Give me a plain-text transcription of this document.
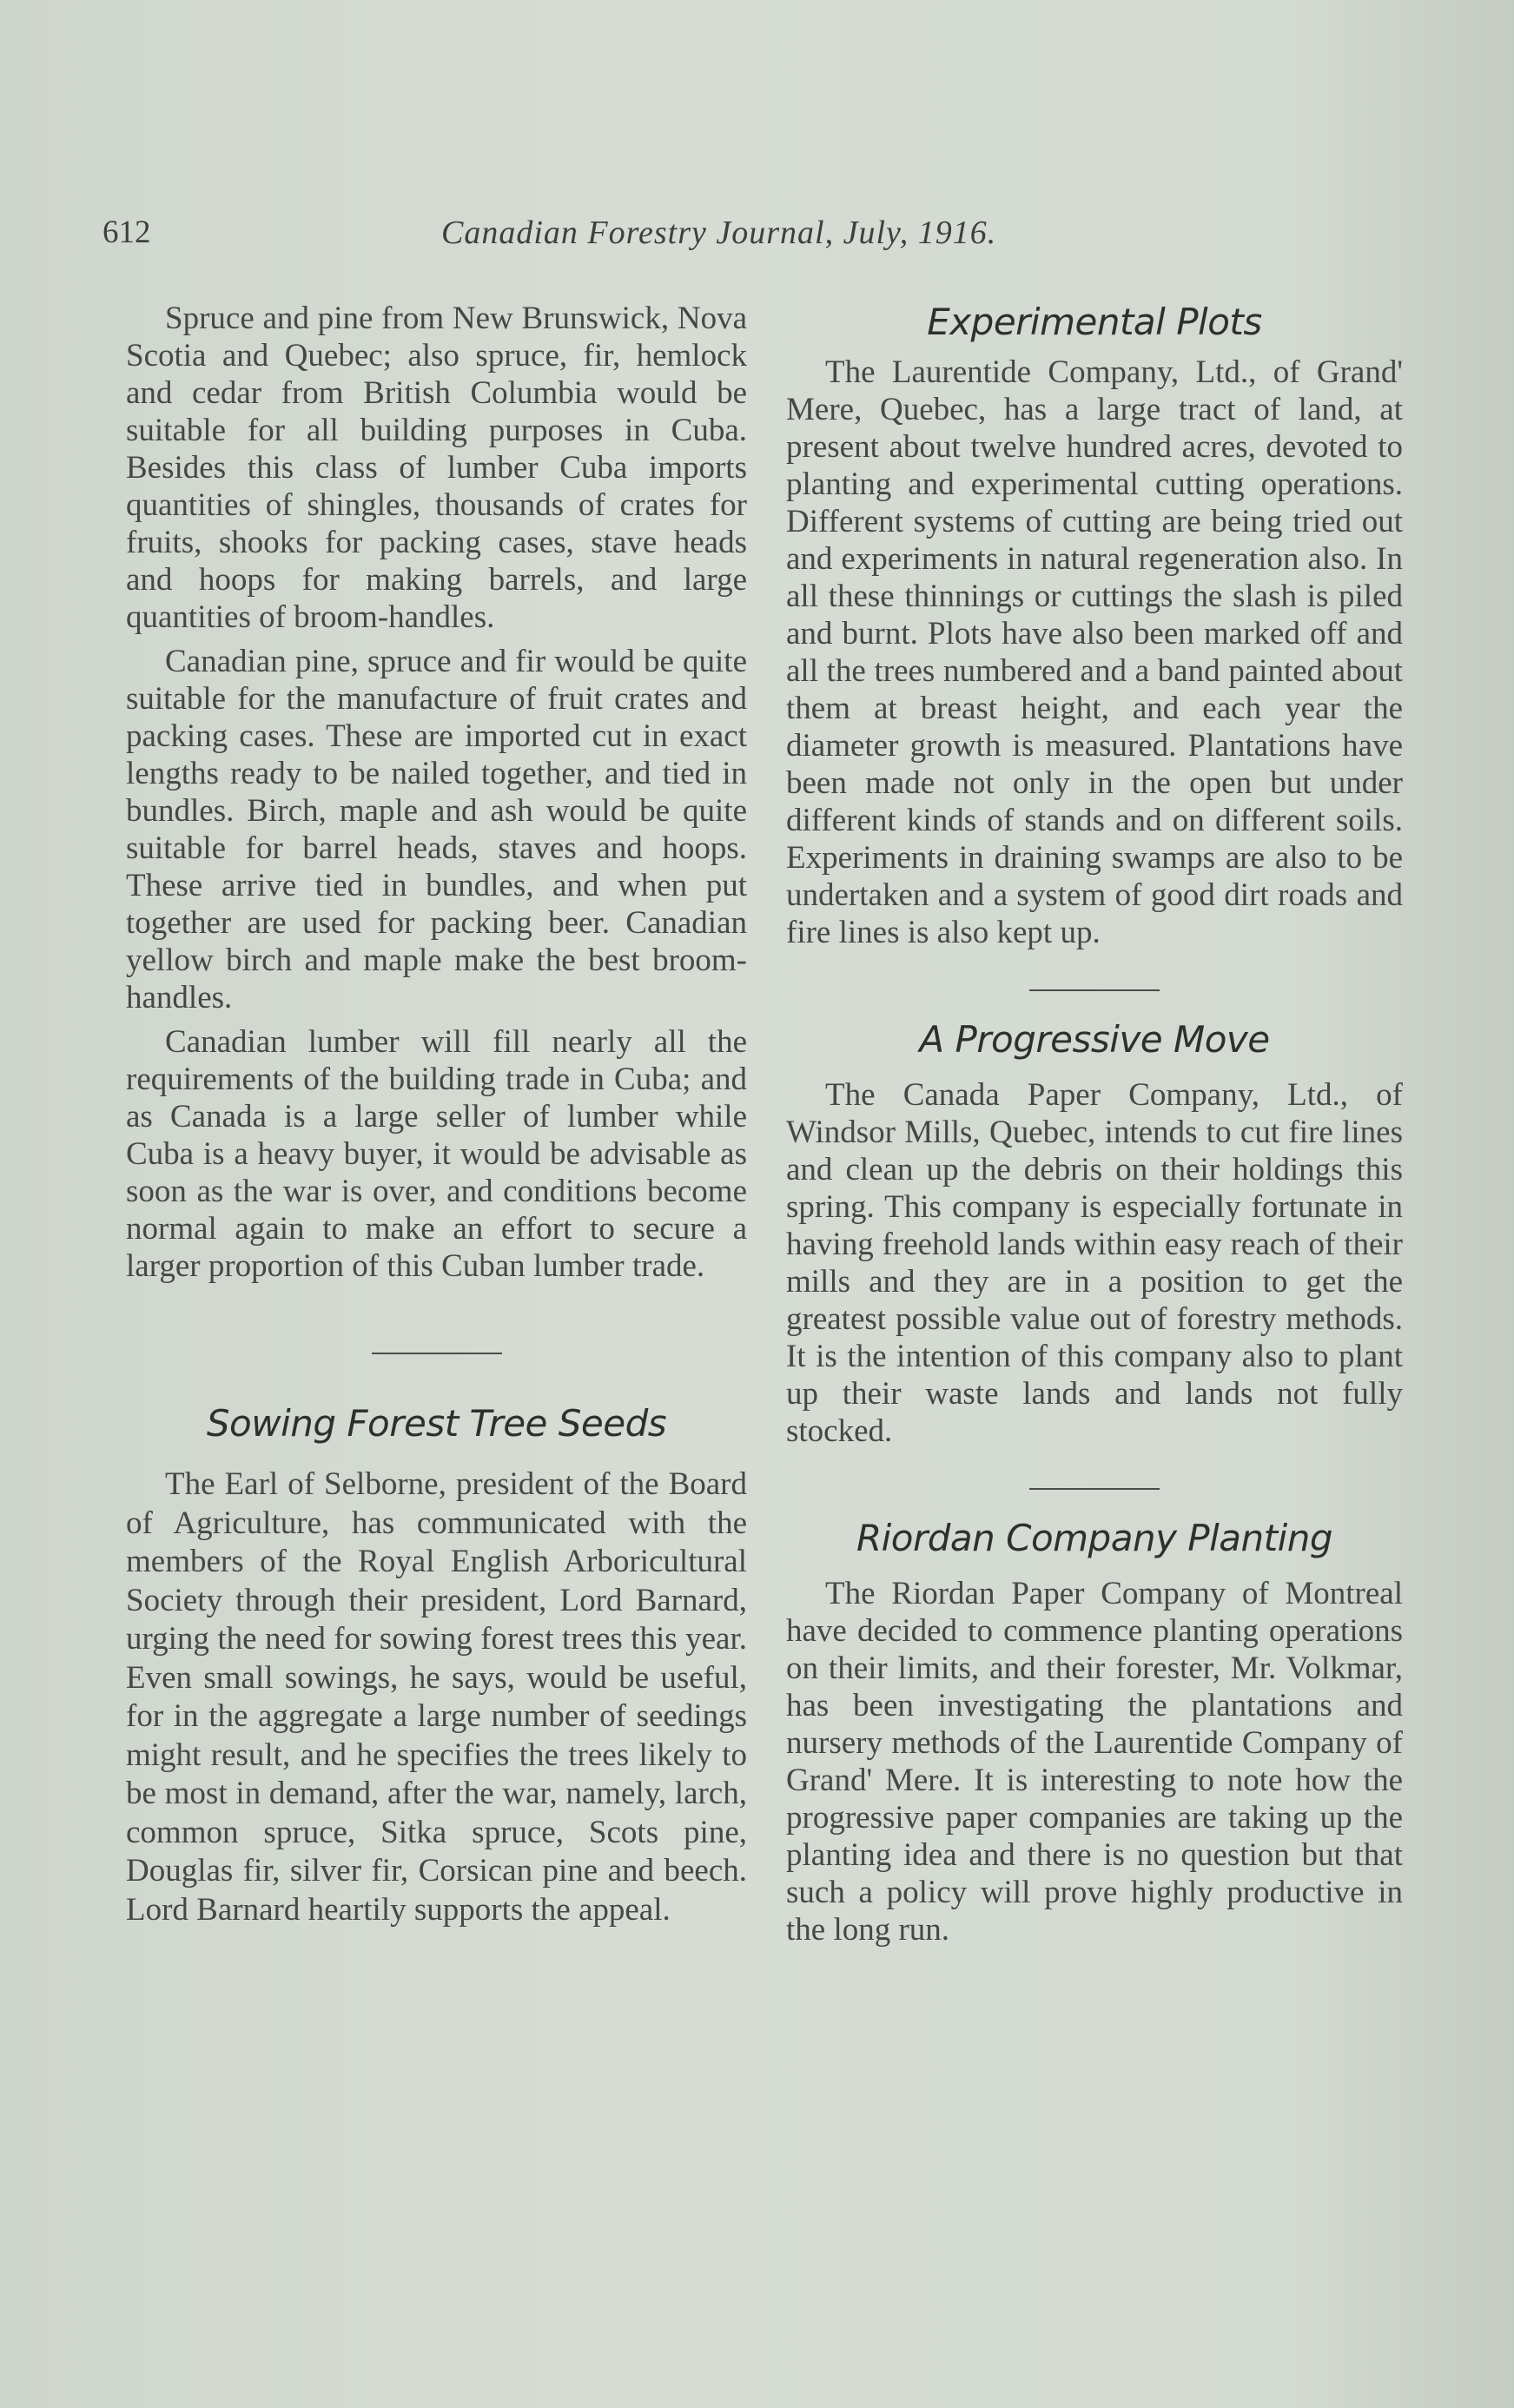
612	Canadian Forestry Journal, July, 1916.

Spruce and pine from New Brunswick, Nova Scotia and Quebec; also spruce, fir, hemlock and cedar from British Columbia would be suitable for all building purposes in Cuba. Besides this class of lumber Cuba imports quantities of shingles, thousands of crates for fruits, shooks for packing cases, stave heads and hoops for making barrels, and large quantities of broom-handles.

Canadian pine, spruce and fir would be quite suitable for the manufacture of fruit crates and packing cases. These are imported cut in exact lengths ready to be nailed together, and tied in bundles. Birch, maple and ash would be quite suitable for barrel heads, staves and hoops. These arrive tied in bundles, and when put together are used for packing beer. Canadian yellow birch and maple make the best broom-handles.

Canadian lumber will fill nearly all the requirements of the building trade in Cuba; and as Canada is a large seller of lumber while Cuba is a heavy buyer, it would be advisable as soon as the war is over, and conditions become normal again to make an effort to secure a larger proportion of this Cuban lumber trade.

Sowing Forest Tree Seeds

The Earl of Selborne, president of the Board of Agriculture, has communicated with the members of the Royal English Arboricultural Society through their president, Lord Barnard, urging the need for sowing forest trees this year. Even small sowings, he says, would be useful, for in the aggregate a large number of seedings might result, and he specifies the trees likely to be most in demand, after the war, namely, larch, common spruce, Sitka spruce, Scots pine, Douglas fir, silver fir, Corsican pine and beech. Lord Barnard heartily supports the appeal.

Experimental Plots

The Laurentide Company, Ltd., of Grand' Mere, Quebec, has a large tract of land, at present about twelve hundred acres, devoted to planting and experimental cutting operations. Different systems of cutting are being tried out and experiments in natural regeneration also. In all these thinnings or cuttings the slash is piled and burnt. Plots have also been marked off and all the trees numbered and a band painted about them at breast height, and each year the diameter growth is measured. Plantations have been made not only in the open but under different kinds of stands and on different soils. Experiments in draining swamps are also to be undertaken and a system of good dirt roads and fire lines is also kept up.

A Progressive Move

The Canada Paper Company, Ltd., of Windsor Mills, Quebec, intends to cut fire lines and clean up the debris on their holdings this spring. This company is especially fortunate in having freehold lands within easy reach of their mills and they are in a position to get the greatest possible value out of forestry methods. It is the intention of this company also to plant up their waste lands and lands not fully stocked.

Riordan Company Planting

The Riordan Paper Company of Montreal have decided to commence planting operations on their limits, and their forester, Mr. Volkmar, has been investigating the plantations and nursery methods of the Laurentide Company of Grand' Mere. It is interesting to note how the progressive paper companies are taking up the planting idea and there is no question but that such a policy will prove highly productive in the long run.
